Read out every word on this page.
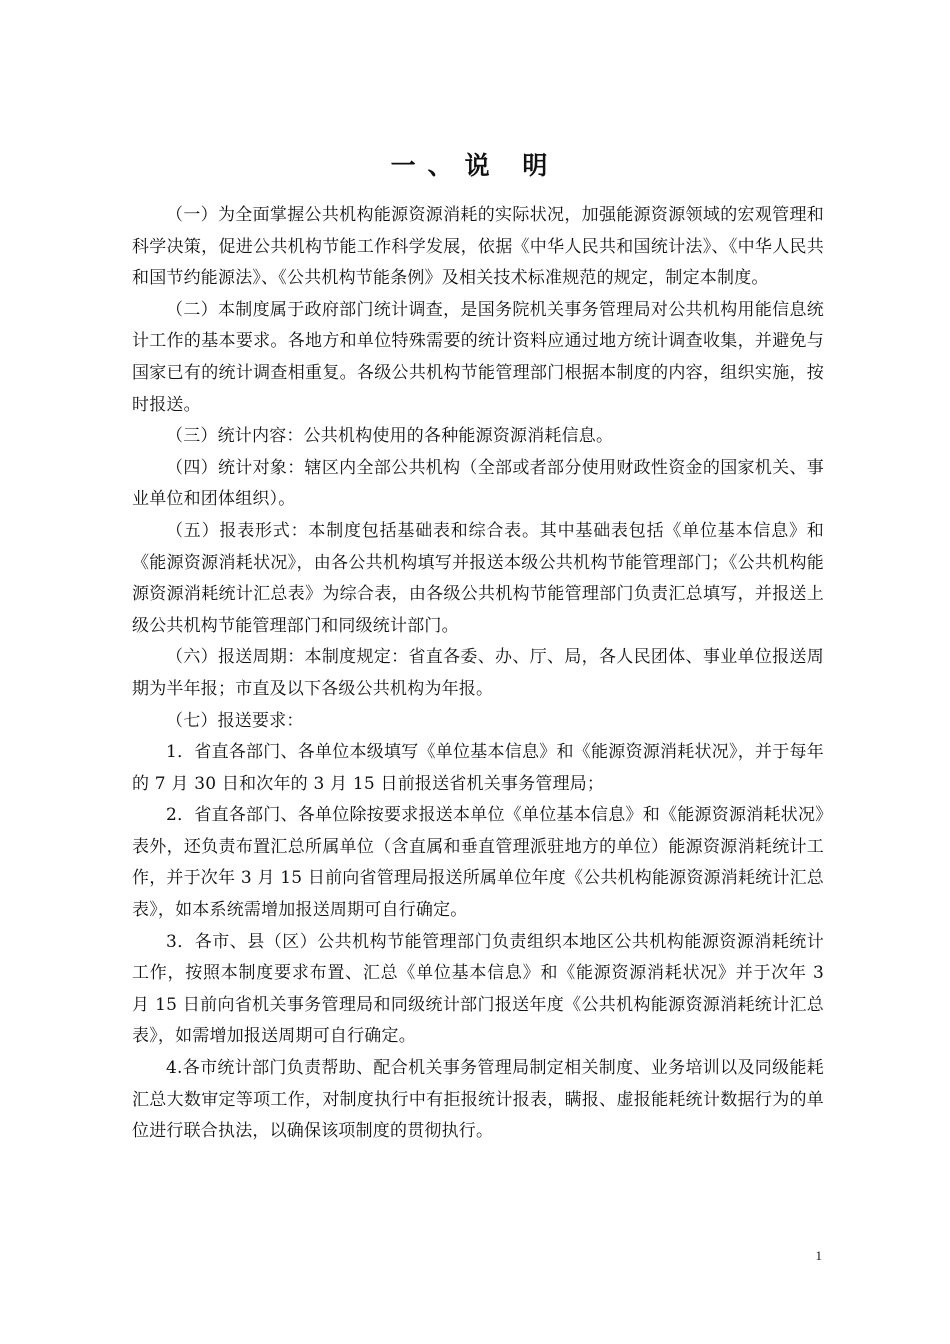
一、说 明

（一）为全面掌握公共机构能源资源消耗的实际状况，加强能源资源领域的宏观管理和科学决策，促进公共机构节能工作科学发展，依据《中华人民共和国统计法》、《中华人民共和国节约能源法》、《公共机构节能条例》及相关技术标准规范的规定，制定本制度。

（二）本制度属于政府部门统计调查，是国务院机关事务管理局对公共机构用能信息统计工作的基本要求。各地方和单位特殊需要的统计资料应通过地方统计调查收集，并避免与国家已有的统计调查相重复。各级公共机构节能管理部门根据本制度的内容，组织实施，按时报送。

（三）统计内容：公共机构使用的各种能源资源消耗信息。

（四）统计对象：辖区内全部公共机构（全部或者部分使用财政性资金的国家机关、事业单位和团体组织）。

（五）报表形式：本制度包括基础表和综合表。其中基础表包括《单位基本信息》和《能源资源消耗状况》，由各公共机构填写并报送本级公共机构节能管理部门；《公共机构能源资源消耗统计汇总表》为综合表，由各级公共机构节能管理部门负责汇总填写，并报送上级公共机构节能管理部门和同级统计部门。

（六）报送周期：本制度规定：省直各委、办、厅、局，各人民团体、事业单位报送周期为半年报；市直及以下各级公共机构为年报。

（七）报送要求：

1．省直各部门、各单位本级填写《单位基本信息》和《能源资源消耗状况》，并于每年的 7 月 30 日和次年的 3 月 15 日前报送省机关事务管理局；

2．省直各部门、各单位除按要求报送本单位《单位基本信息》和《能源资源消耗状况》表外，还负责布置汇总所属单位（含直属和垂直管理派驻地方的单位）能源资源消耗统计工作，并于次年 3 月 15 日前向省管理局报送所属单位年度《公共机构能源资源消耗统计汇总表》，如本系统需增加报送周期可自行确定。

3．各市、县（区）公共机构节能管理部门负责组织本地区公共机构能源资源消耗统计工作，按照本制度要求布置、汇总《单位基本信息》和《能源资源消耗状况》并于次年 3 月 15 日前向省机关事务管理局和同级统计部门报送年度《公共机构能源资源消耗统计汇总表》，如需增加报送周期可自行确定。

4.各市统计部门负责帮助、配合机关事务管理局制定相关制度、业务培训以及同级能耗汇总大数审定等项工作，对制度执行中有拒报统计报表，瞒报、虚报能耗统计数据行为的单位进行联合执法，以确保该项制度的贯彻执行。

1
